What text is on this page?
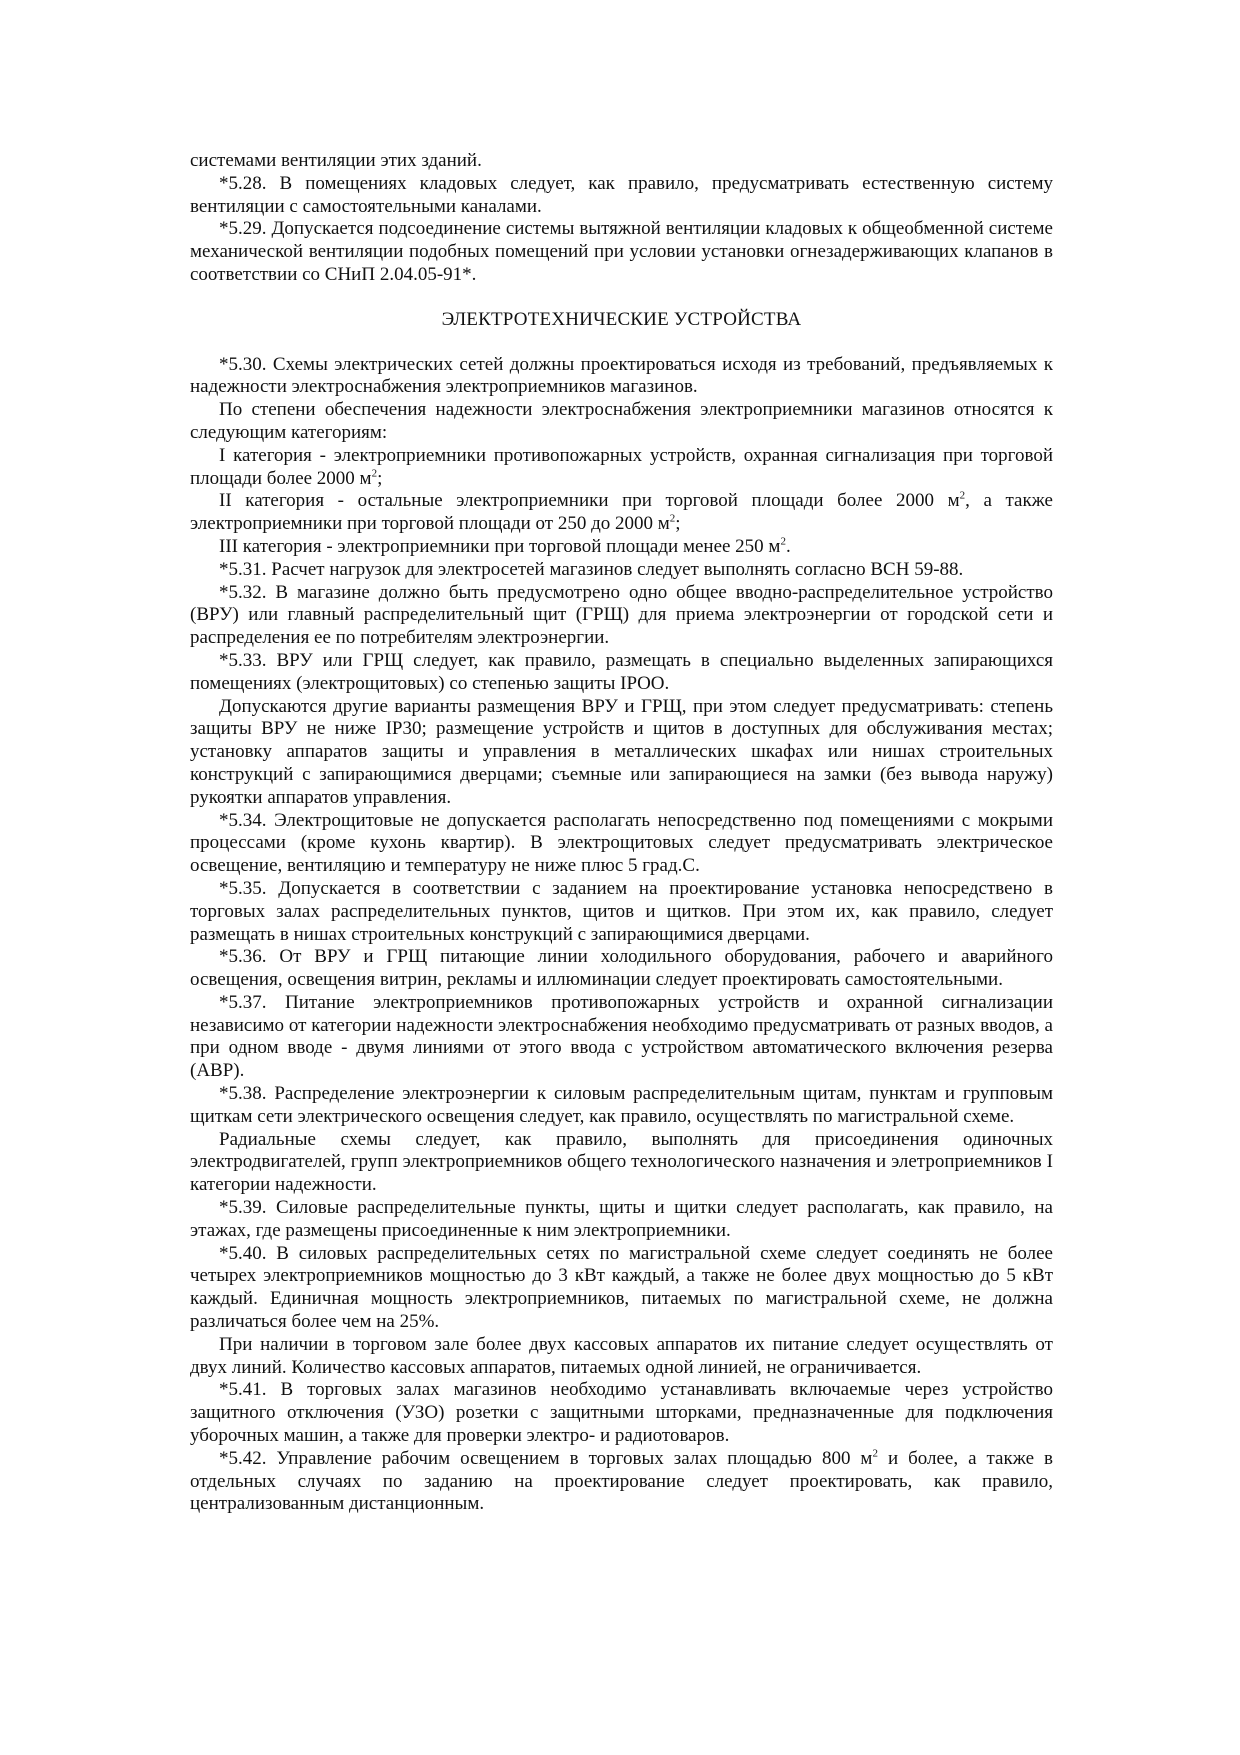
системами вентиляции этих зданий.

*5.28. В помещениях кладовых следует, как правило, предусматривать естественную систему вентиляции с самостоятельными каналами.

*5.29. Допускается подсоединение системы вытяжной вентиляции кладовых к общеобменной системе механической вентиляции подобных помещений при условии установки огнезадерживающих клапанов в соответствии со СНиП 2.04.05-91*.

ЭЛЕКТРОТЕХНИЧЕСКИЕ УСТРОЙСТВА

*5.30. Схемы электрических сетей должны проектироваться исходя из требований, предъявляемых к надежности электроснабжения электроприемников магазинов.

По степени обеспечения надежности электроснабжения электроприемники магазинов относятся к следующим категориям:

I категория - электроприемники противопожарных устройств, охранная сигнализация при торговой площади более 2000 $м^2$;

II категория - остальные электроприемники при торговой площади более 2000 $м^2$, а также электроприемники при торговой площади от 250 до 2000 $м^2$;

III категория - электроприемники при торговой площади менее 250 $м^2$.

*5.31. Расчет нагрузок для электросетей магазинов следует выполнять согласно ВСН 59-88.

*5.32. В магазине должно быть предусмотрено одно общее вводно-распределительное устройство (ВРУ) или главный распределительный щит (ГРЩ) для приема электроэнергии от городской сети и распределения ее по потребителям электроэнергии.

*5.33. ВРУ или ГРЩ следует, как правило, размещать в специально выделенных запирающихся помещениях (электрощитовых) со степенью защиты IPОО.

Допускаются другие варианты размещения ВРУ и ГРЩ, при этом следует предусматривать: степень защиты ВРУ не ниже IP30; размещение устройств и щитов в доступных для обслуживания местах; установку аппаратов защиты и управления в металлических шкафах или нишах строительных конструкций с запирающимися дверцами; съемные или запирающиеся на замки (без вывода наружу) рукоятки аппаратов управления.

*5.34. Электрощитовые не допускается располагать непосредственно под помещениями с мокрыми процессами (кроме кухонь квартир). В электрощитовых следует предусматривать электрическое освещение, вентиляцию и температуру не ниже плюс 5 град.С.

*5.35. Допускается в соответствии с заданием на проектирование установка непосредствено в торговых залах распределительных пунктов, щитов и щитков. При этом их, как правило, следует размещать в нишах строительных конструкций с запирающимися дверцами.

*5.36. От ВРУ и ГРЩ питающие линии холодильного оборудования, рабочего и аварийного освещения, освещения витрин, рекламы и иллюминации следует проектировать самостоятельными.

*5.37. Питание электроприемников противопожарных устройств и охранной сигнализации независимо от категории надежности электроснабжения необходимо предусматривать от разных вводов, а при одном вводе - двумя линиями от этого ввода с устройством автоматического включения резерва (АВР).

*5.38. Распределение электроэнергии к силовым распределительным щитам, пунктам и групповым щиткам сети электрического освещения следует, как правило, осуществлять по магистральной схеме.

Радиальные схемы следует, как правило, выполнять для присоединения одиночных электродвигателей, групп электроприемников общего технологического назначения и элетроприемников I категории надежности.

*5.39. Силовые распределительные пункты, щиты и щитки следует располагать, как правило, на этажах, где размещены присоединенные к ним электроприемники.

*5.40. В силовых распределительных сетях по магистральной схеме следует соединять не более четырех электроприемников мощностью до 3 кВт каждый, а также не более двух мощностью до 5 кВт каждый. Единичная мощность электроприемников, питаемых по магистральной схеме, не должна различаться более чем на 25%.

При наличии в торговом зале более двух кассовых аппаратов их питание следует осуществлять от двух линий. Количество кассовых аппаратов, питаемых одной линией, не ограничивается.

*5.41. В торговых залах магазинов необходимо устанавливать включаемые через устройство защитного отключения (УЗО) розетки с защитными шторками, предназначенные для подключения уборочных машин, а также для проверки электро- и радиотоваров.

*5.42. Управление рабочим освещением в торговых залах площадью 800 $м^2$ и более, а также в отдельных случаях по заданию на проектирование следует проектировать, как правило, централизованным дистанционным.
